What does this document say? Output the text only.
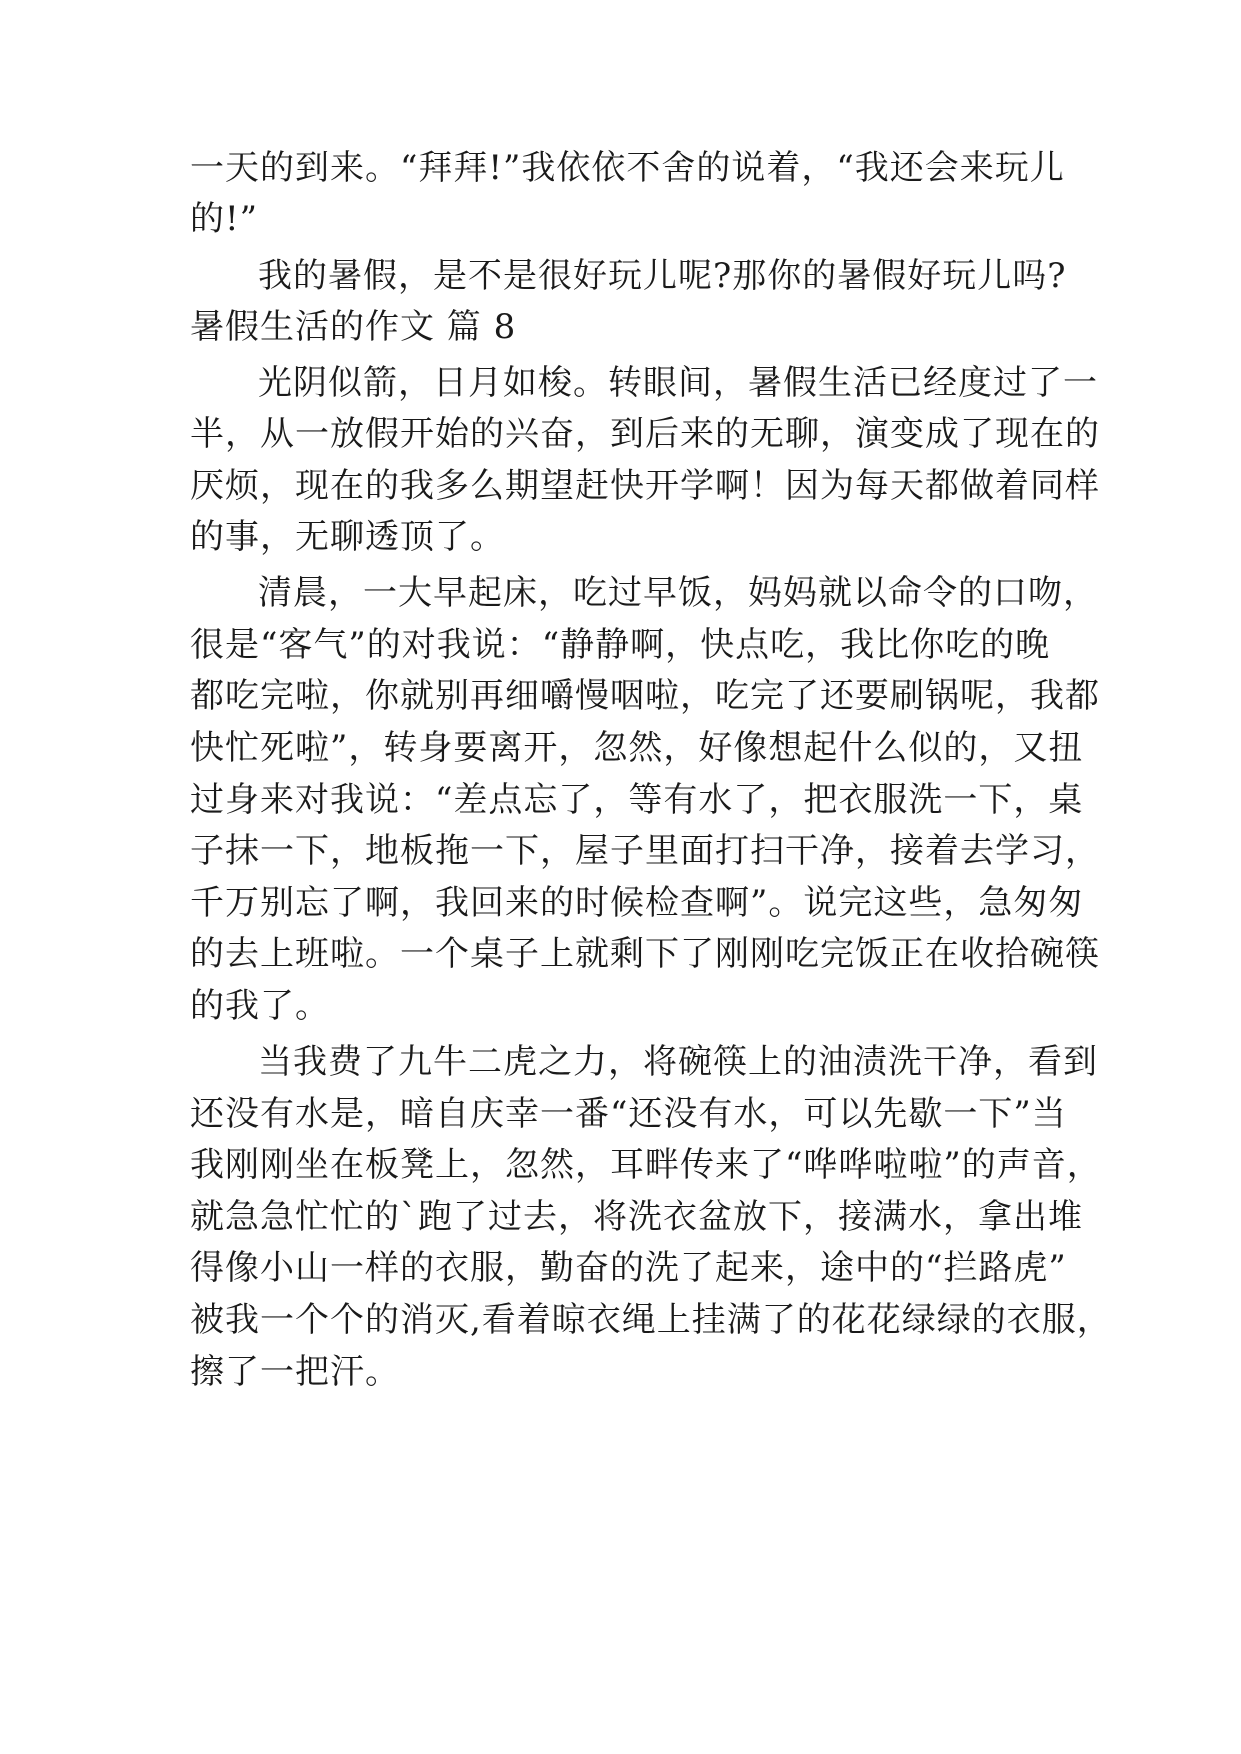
一天的到来。“拜拜!”我依依不舍的说着，“我还会来玩儿
的!”
我的暑假，是不是很好玩儿呢?那你的暑假好玩儿吗?
暑假生活的作文 篇 8
光阴似箭，日月如梭。转眼间，暑假生活已经度过了一
半，从一放假开始的兴奋，到后来的无聊，演变成了现在的
厌烦，现在的我多么期望赶快开学啊！因为每天都做着同样
的事，无聊透顶了。
清晨，一大早起床，吃过早饭，妈妈就以命令的口吻，
很是“客气”的对我说：“静静啊，快点吃，我比你吃的晚
都吃完啦，你就别再细嚼慢咽啦，吃完了还要刷锅呢，我都
快忙死啦”，转身要离开，忽然，好像想起什么似的，又扭
过身来对我说：“差点忘了，等有水了，把衣服洗一下，桌
子抹一下，地板拖一下，屋子里面打扫干净，接着去学习，
千万别忘了啊，我回来的时候检查啊”。说完这些，急匆匆
的去上班啦。一个桌子上就剩下了刚刚吃完饭正在收拾碗筷
的我了。
当我费了九牛二虎之力，将碗筷上的油渍洗干净，看到
还没有水是，暗自庆幸一番“还没有水，可以先歇一下”当
我刚刚坐在板凳上，忽然，耳畔传来了“哗哗啦啦”的声音，
就急急忙忙的`跑了过去，将洗衣盆放下，接满水，拿出堆
得像小山一样的衣服，勤奋的洗了起来，途中的“拦路虎”
被我一个个的消灭,看着晾衣绳上挂满了的花花绿绿的衣服，
擦了一把汗。
